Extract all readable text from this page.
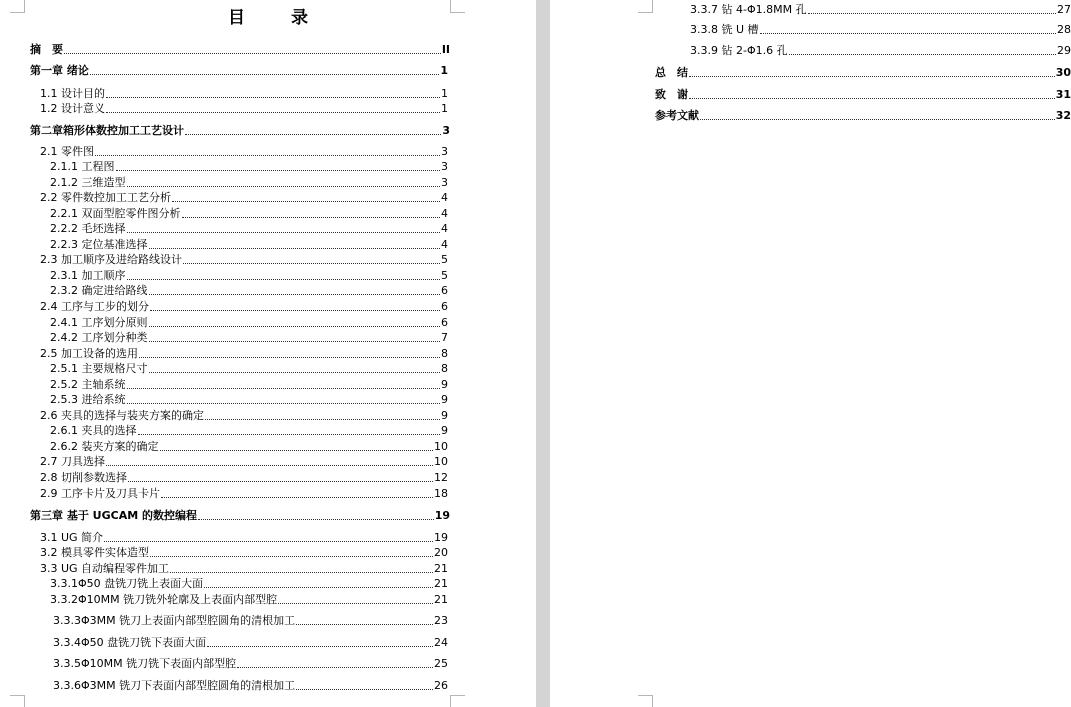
目 录
摘　要	II
第一章 绪论	1
1.1 设计目的	1
1.2 设计意义	1
第二章箱形体数控加工工艺设计	3
2.1 零件图	3
2.1.1 工程图	3
2.1.2 三维造型	3
2.2 零件数控加工工艺分析	4
2.2.1 双面型腔零件图分析	4
2.2.2 毛坯选择	4
2.2.3 定位基准选择	4
2.3 加工顺序及进给路线设计	5
2.3.1 加工顺序	5
2.3.2 确定进给路线	6
2.4 工序与工步的划分	6
2.4.1 工序划分原则	6
2.4.2 工序划分种类	7
2.5 加工设备的选用	8
2.5.1 主要规格尺寸	8
2.5.2 主轴系统	9
2.5.3 进给系统	9
2.6 夹具的选择与装夹方案的确定	9
2.6.1 夹具的选择	9
2.6.2 装夹方案的确定	10
2.7 刀具选择	10
2.8 切削参数选择	12
2.9 工序卡片及刀具卡片	18
第三章 基于 UGCAM 的数控编程	19
3.1 UG 简介	19
3.2 模具零件实体造型	20
3.3 UG 自动编程零件加工	21
3.3.1Φ50 盘铣刀铣上表面大面	21
3.3.2Φ10MM 铣刀铣外轮廓及上表面内部型腔	21
3.3.3Φ3MM 铣刀上表面内部型腔圆角的清根加工	23
3.3.4Φ50 盘铣刀铣下表面大面	24
3.3.5Φ10MM 铣刀铣下表面内部型腔	25
3.3.6Φ3MM 铣刀下表面内部型腔圆角的清根加工	26
3.3.7 钻 4-Φ1.8MM 孔	27
3.3.8 铣 U 槽	28
3.3.9 钻 2-Φ1.6 孔	29
总　结	30
致　谢	31
参考文献	32
